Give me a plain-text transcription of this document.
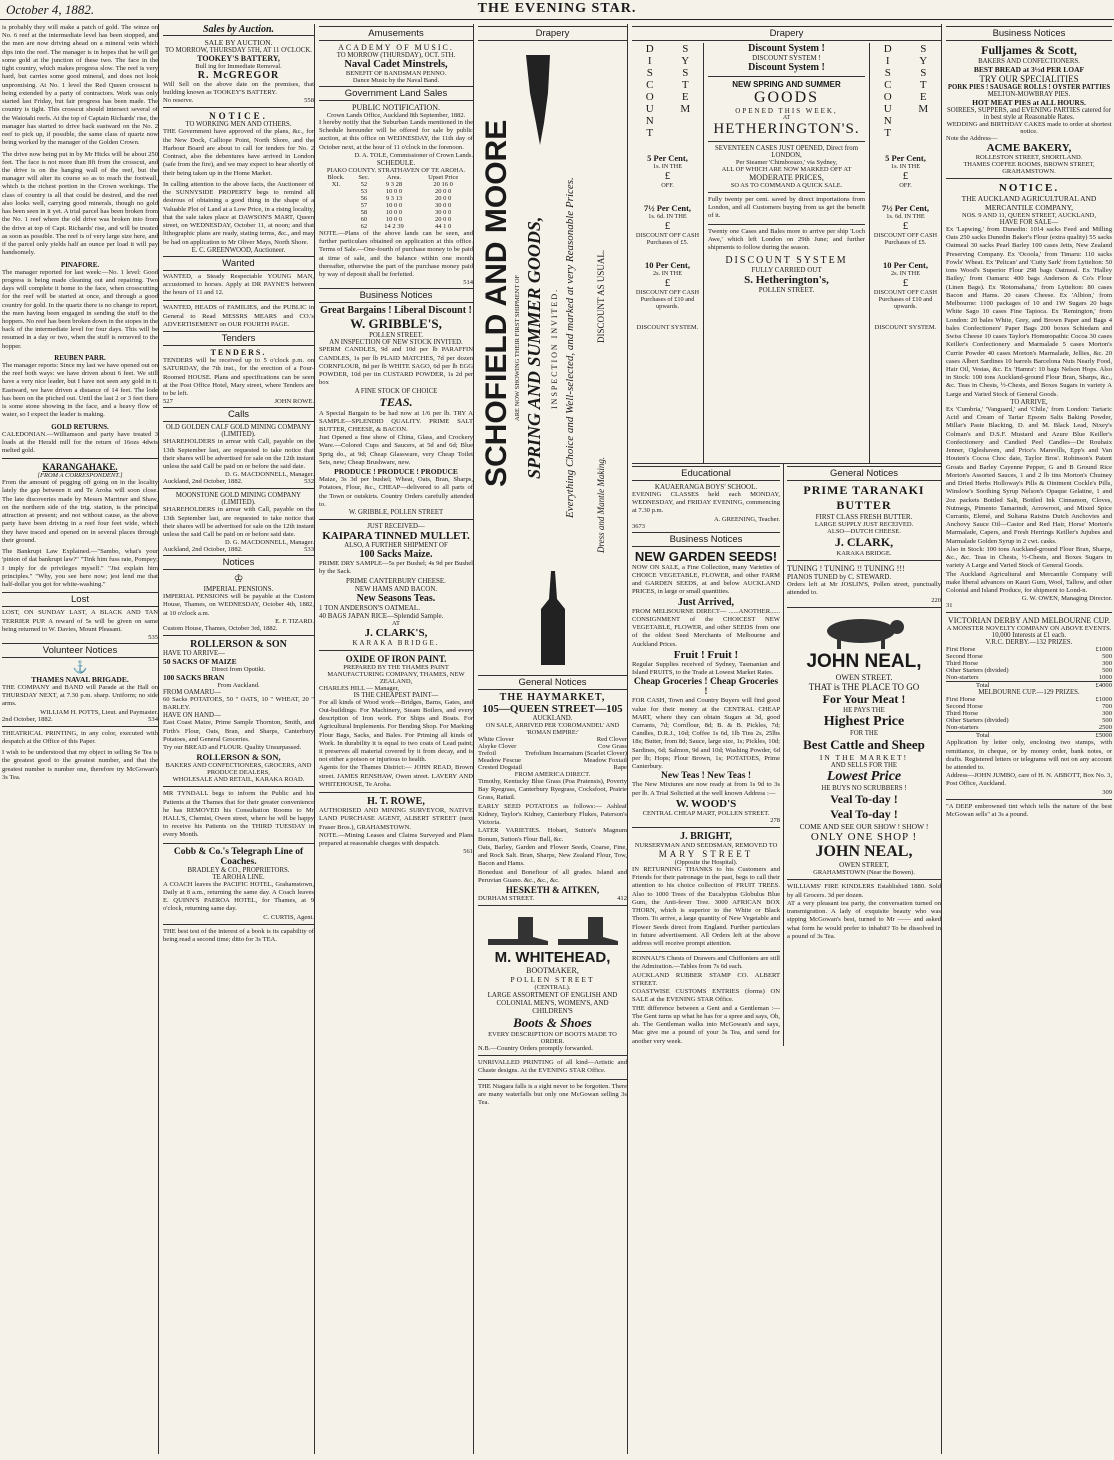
October 4, 1882.	THE EVENING STAR.

is probably they will make a patch of gold. The winze on No. 6 reef at the intermediate level has been stopped, and the men are now driving ahead on a mineral vein which dips into the reef. The manager is in hopes that he will get some gold at the junction of these two. The face in the tight country, which makes progress slow. The reef is very hard, but carries some good mineral, and does not look unpromising. At No. 1 level the Red Queen crosscut is being extended by a party of contractors. Work was only started last Friday, but fair progress has been made. The country is tight. This crosscut should intersect several of the Waiotahi reefs. At the top of Captain Richards' rise, the manager has started to drive back eastward on the No. 2 reef to pick up, if possible, the same class of quartz now being worked by the manager of the Golden Crown.

The drive now being put in by Mr Hicks will be about 250 feet. The face is not more than 8ft from the crosscut, and the drive is on the hanging wall of the reef, but the manager will alter its course so as to reach the footwall, which is the richest portion in the Crown workings. The class of country is all that could be desired, and the reef also looks well, carrying good minerals, though no gold has been seen in it yet. A trial parcel has been broken from the No. 1 reef where the old drive was broken into from the drive at top of Capt. Richards' rise, and will be treated as soon as possible. The reef is of very large size here, and if the parcel only yields half an ounce per load it will pay handsomely.

PINAFORE.

The manager reported for last week:—No. 1 level: Good progress is being made cleaning out and repairing. Two days will complete it home to the face, when crosscutting for the reef will be started at once, and through a good country for gold. In the quartz there is no change to report, the men having been engaged in sending the stuff to the hoppers. No reef has been broken down in the stopes in the back of the intermediate level for four days. This will be resumed in a day or two, when the stuff is removed to the hopper.

REUBEN PARR.

The manager reports: Since my last we have opened out on the reef both ways: we have driven about 6 feet. We still have a very nice leader, but I have not seen any gold in it. Eastward, we have driven a distance of 14 feet. The lode has been on the pitched out. Until the last 2 or 3 feet there is some stone showing in the face, and a heavy flow of water, so I expect the leader is making.

GOLD RETURNS.

CALEDONIAN.—Williamson and party have treated 3 loads at the Herald mill for the return of 16ozs 4dwts melted gold.

KARANGAHAKE.
[FROM A CORRESPONDENT.]

From the amount of pegging off going on in the locality lately the gap between it and Te Aroha will soon close. The late discoveries made by Messrs Marriner and Shaw, on the northern side of the trig. station, is the principal attraction at present; and not without cause, as the above party have been driving in a reef four feet wide, which they have traced and opened on in several places through their ground.

The Bankrupt Law Explained.—"Sambo, what's your 'pinion of dat bankrupt law?" "Tink him fuss rate, Pompey; I imply for de privileges myself." "Jist explain him principles." "Why, you see here now; jest lend me that half-dollar you got for white-washing."

Lost

LOST, ON SUNDAY LAST, A BLACK AND TAN TERRIER PUP. A reward of 5s will be given on same being returned to W. Davies, Mount Pleasant.

535
Volunteer Notices
⚓
THAMES NAVAL BRIGADE.

THE COMPANY and BAND will Parade at the Hall on THURSDAY NEXT, at 7.30 p.m. sharp. Uniform; no side arms.

WILLIAM H. POTTS, Lieut. and Paymaster.
2nd October, 1882.	534

THEATRICAL PRINTING, in any color, executed with despatch at the Office of this Paper.

I wish to be understood that my object in selling Se Tea is the greatest good to the greatest number, and that the greatest number is number one, therefore try McGowan's 3s Tea.

Sales by Auction.
SALE BY AUCTION.
TO MORROW, THURSDAY 5TH, AT 11 O'CLOCK.
TOOKEY'S BATTERY,
Bull ing for Immediate Removal.
R. McGREGOR

Will Sell on the above date on the premises, that building known as TOOKEY'S BATTERY.

No reserve.	558
NOTICE.
TO WORKING MEN AND OTHERS.

THE Government have approved of the plans, &c., for the New Dock, Calliope Point, North Shore, and the Harbour Board are about to call for tenders for No. 2 Contract, also the debentures have arrived in London (safe from the fire), and we may expect to hear shortly of their being taken up in the Home Market.

In calling attention to the above facts, the Auctioneer of the SUNNYSIDE PROPERTY begs to remind all desirous of obtaining a good thing in the shape of a Valuable Plot of Land at a Low Price, in a rising locality, that the sale takes place at DAWSON'S MART, Queen street, on WEDNESDAY, October 11, at noon; and that lithographic plans are ready, stating terms, &c., and may be had on application to Mr Oliver Mays, North Shore.

E. C. GREENWOOD, Auctioneer.
Wanted

WANTED, a Steady Respectable YOUNG MAN, accustomed to horses. Apply at DR PAYNE'S between the hours of 11 and 12.

WANTED, HEADS of FAMILIES, and the PUBLIC in General to Read MESSRS MEARS and CO.'s ADVERTISEMENT on OUR FOURTH PAGE.

Tenders
TENDERS.

TENDERS will be received up to 5 o'clock p.m. on SATURDAY, the 7th inst., for the erection of a Four-Roomed HOUSE. Plans and specifications can be seen at the Post Office Hotel, Mary street, where Tenders are to be left.

527	JOHN ROWE.
Calls
OLD GOLDEN CALF GOLD MINING COMPANY (LIMITED).

SHAREHOLDERS in arrear with Call, payable on the 13th September last, are requested to take notice that their shares will be advertised for sale on the 12th instant unless the said Call be paid on or before the said date.

D. G. MACDONNELL, Manager.
Auckland, 2nd October, 1882.	532
MOONSTONE GOLD MINING COMPANY (LIMITED).

SHAREHOLDERS in arrear with Call, payable on the 13th September last, are requested to take notice that their shares will be advertised for sale on the 12th instant unless the said Call be paid on or before said date.

D. G. MACDONNELL, Manager.
Auckland, 2nd October, 1882.	533
Notices
♔
IMPERIAL PENSIONS.

IMPERIAL PENSIONS will be payable at the Custom House, Thames, on WEDNESDAY, October 4th, 1882, at 10 o'clock a.m.

E. F. TIZARD.
Custom House, Thames, October 3rd, 1882.
ROLLERSON & SON
HAVE TO ARRIVE—
50 SACKS OF MAIZE
Direct from Opotiki.
100 SACKS BRAN
From Auckland.
FROM OAMARU—

60 Sacks POTATOES, 50 " OATS, 10 " WHEAT, 20 " BARLEY.

HAVE ON HAND—

East Coast Maize, Prime Sample Thornton, Smith, and Firth's Flour, Oats, Bran, and Sharps, Canterbury Potatoes, and General Groceries.

Try our BREAD and FLOUR. Quality Unsurpassed.

ROLLERSON & SON,
BAKERS AND CONFECTIONERS, GROCERS, AND PRODUCE DEALERS,
WHOLESALE AND RETAIL, KARAKA ROAD.

MR TYNDALL begs to inform the Public and his Patients at the Thames that for their greater convenience he has REMOVED his Consultation Rooms to Mr HALL'S, Chemist, Owen street, where he will be happy to receive his Patients on the THIRD TUESDAY in every Month.

Cobb & Co.'s Telegraph Line of Coaches.
BRADLEY & CO., PROPRIETORS.
TE AROHA LINE.

A COACH leaves the PACIFIC HOTEL, Grahamstown, Daily at 8 a.m., returning the same day. A Coach leaves E. QUINN'S PAEROA HOTEL, for Thames, at 9 o'clock, returning same day.

C. CURTIS, Agent.

THE best test of the interest of a book is its capability of being read a second time; ditto for 3s TEA.

Amusements
ACADEMY OF MUSIC.
TO MORROW (THURSDAY), OCT. 5TH.
Naval Cadet Minstrels,
BENEFIT OF BANDSMAN PENNO.
Dance Music by the Naval Band.
Government Land Sales
PUBLIC NOTIFICATION.
Crown Lands Office, Auckland 8th September, 1882.

I hereby notify that the Suburban Lands mentioned in the Schedule hereunder will be offered for sale by public auction, at this office on WEDNESDAY, the 11th day of October next, at the hour of 11 o'clock in the forenoon.

D. A. TOLE, Commissioner of Crown Lands.
SCHEDULE.
PIAKO COUNTY. STRATHAVEN OF TE AROHA.
Block.	Sec.	Area.	Upset Price
XI.	52	9 3 28	20 16 0
	53	10 0 0	20 0 0
	56	9 3 13	20 0 0
	57	10 0 0	30 0 0
	58	10 0 0	30 0 0
	60	10 0 0	20 0 0
	62	14 2 39	44 1 0

NOTE.—Plans of the above lands can be seen, and further particulars obtained on application at this office. Terms of Sale.—One-fourth of purchase money to be paid at time of sale, and the balance within one month thereafter, otherwise the part of the purchase money paid by way of deposit shall be forfeited.

514
Business Notices
Great Bargains ! Liberal Discount !
W. GRIBBLE'S,
POLLEN STREET.
AN INSPECTION OF NEW STOCK INVITED.

SPERM CANDLES, 9d and 10d per lb PARAFFIN CANDLES, 1s per lb PLAID MATCHES, 7d per dozen CORNFLOUR, 8d per lb WHITE SAGO, 6d per lb EGG POWDER, 10d per tin CUSTARD POWDER, 1s 2d per box

A FINE STOCK OF CHOICE
TEAS.

A Special Bargain to be had now at 1/6 per lb. TRY A SAMPLE—SPLENDID QUALITY. PRIME SALT BUTTER, CHEESE, & BACON.

Just Opened a fine show of China, Glass, and Crockery Ware.—Colored Cups and Saucers, at 5d and 6d; Blue Sprig do., at 9d; Cheap Glassware, very Cheap Toilet Sets, new; Cheap Brushware, new.

PRODUCE ! PRODUCE ! PRODUCE

Maize, 3s 3d per bushel; Wheat, Oats, Bran, Sharps, Potatoes, Flour, &c., CHEAP—delivered to all parts of the Town or outskirts. Country Orders carefully attended to.

W. GRIBBLE, POLLEN STREET
JUST RECEIVED—
KAIPARA TINNED MULLET.
ALSO, A FURTHER SHIPMENT OF
100 Sacks Maize.

PRIME DRY SAMPLE—5s per Bushel; 4s 9d per Bushel by the Sack.

PRIME CANTERBURY CHEESE.
NEW HAMS AND BACON.
New Seasons Teas.
1 TON ANDERSON'S OATMEAL.
40 BAGS JAPAN RICE—Splendid Sample.
AT
J. CLARK'S,
KARAKA BRIDGE.
OXIDE OF IRON PAINT.
PREPARED BY THE THAMES PAINT MANUFACTURING COMPANY, THAMES, NEW ZEALAND,
CHARLES HILL — Manager,
IS THE CHEAPEST PAINT—

For all kinds of Wood work—Bridges, Barns, Gates, and Out-buildings. For Machinery, Steam Boilers, and every description of Iron work. For Ships and Boats. For Agricultural Implements. For Bending Shop. For Marking Flour Bags, Sacks, and Bales. For Priming all kinds of Work. In durability it is equal to two coats of Lead paint; it preserves all material covered by it from decay, and is not either a poison or injurious to health.

Agents for the Thames District:— JOHN READ, Brown street. JAMES RENSHAW, Owen street. LAVERY AND WHITEHOUSE, Te Aroha.

H. T. ROWE,

AUTHORISED AND MINING SURVEYOR, NATIVE LAND PURCHASE AGENT, ALBERT STREET (next Fraser Bros.), GRAHAMSTOWN.

NOTE.—Mining Leases and Claims Surveyed and Plans prepared at reasonable charges with despatch.

561
Drapery
SCHOFIELD AND MOORE ARE NOW SHOWING THEIR FIRST SHIPMENT OF SPRING AND SUMMER GOODS, INSPECTION INVITED. Everything Choice and Well-selected, and marked at very Reasonable Prices.	DISCOUNT AS USUAL.
Dress and Mantle Making.
General Notices
THE HAYMARKET,
105—QUEEN STREET—105
AUCKLAND.
ON SALE, ARRIVED PER 'COROMANDEL' AND 'ROMAN EMPIRE:'
White Clover	Red Clover
Alsyke Clover	Cow Grass
Trefoil	Trefolium Incarnatum (Scarlet Clover)
Meadow Fescue	Meadow Foxtail
Crested Dogstail	Rape
FROM AMERICA DIRECT.

Timothy, Kentucky Blue Grass (Poa Pratensis), Poverty Bay Ryegrass, Canterbury Ryegrass, Cocksfoot, Prairie Grass, Rattail.

EARLY SEED POTATOES as follows:— Ashleaf Kidney, Taylor's Kidney, Canterbury Flukes, Paterson's Victoria.

LATER VARIETIES. Hobart, Sutton's Magnum Bonum, Sutton's Flour Ball, &c.

Oats, Barley, Garden and Flower Seeds, Coarse, Fine, and Rock Salt. Bran, Sharps, New Zealand Flour, Tow, Bacon and Hams.

Bonedust and Bonefiour of all grades. Island and Peruvian Guano. &c., &c., &c.

HESKETH & AITKEN,
DURHAM STREET.	412
M. WHITEHEAD,
BOOTMAKER,
POLLEN STREET
(CENTRAL).
LARGE ASSORTMENT OF ENGLISH AND COLONIAL MEN'S, WOMEN'S, AND CHILDREN'S
Boots & Shoes
EVERY DESCRIPTION OF BOOTS MADE TO ORDER.
N.B.—Country Orders promptly forwarded.

UNRIVALLED PRINTING of all kind—Artistic and Chaste designs. At the EVENING STAR Office.

THE Niagara falls is a sight never to be forgotten. There are many waterfalls but only one McGowan selling 3s Tea.

Drapery
DISCOUNT SYSTEM
5 Per Cent,
1s. IN THE
£
OFF.
7½ Per Cent,
1s. 6d. IN THE
£
DISCOUNT OFF CASH Purchases of £5.
10 Per Cent,
2s. IN THE
£
DISCOUNT OFF CASH Purchases of £10 and upwards.
DISCOUNT SYSTEM.
Discount System !
DISCOUNT SYSTEM !
Discount System !
NEW SPRING AND SUMMER
GOODS
OPENED THIS WEEK,
AT
HETHERINGTON'S.
SEVENTEEN CASES JUST OPENED, Direct from LONDON,
Per Steamer 'Chimborazo,' via Sydney,
ALL OF WHICH ARE NOW MARKED OFF AT
MODERATE PRICES,
SO AS TO COMMAND A QUICK SALE.

Fully twenty per cent. saved by direct importations from London, and all Customers buying from us get the benefit of it.

Twenty one Cases and Bales more to arrive per ship 'Loch Awe,' which left London on 29th June; and further shipments to follow during the season.

DISCOUNT SYSTEM
FULLY CARRIED OUT
S. Hetherington's,
POLLEN STREET.
DISCOUNT SYSTEM
5 Per Cent,
1s. IN THE
£
OFF.
7½ Per Cent,
1s. 6d. IN THE
£
DISCOUNT OFF CASH Purchases of £5.
10 Per Cent,
2s. IN THE
£
DISCOUNT OFF CASH Purchases of £10 and upwards.
DISCOUNT SYSTEM.
Educational
KAUAERANGA BOYS' SCHOOL.

EVENING CLASSES held each MONDAY, WEDNESDAY, and FRIDAY EVENING, commencing at 7.30 p.m.

A. GREENING, Teacher.
3673
Business Notices
NEW GARDEN SEEDS!

NOW ON SALE, a Fine Collection, many Varieties of CHOICE VEGETABLE, FLOWER, and other FARM and GARDEN SEEDS, at and below AUCKLAND PRICES, in large or small quantities.

Just Arrived,

FROM MELBOURNE DIRECT— ......ANOTHER...... CONSIGNMENT of the CHOICEST NEW VEGETABLE, FLOWER, and other SEEDS from one of the oldest Seed Merchants of Melbourne and Auckland Prices.

Fruit ! Fruit !

Regular Supplies received of Sydney, Tasmanian and Island FRUITS, to the Trade at Lowest Market Rates.

Cheap Groceries ! Cheap Groceries !

FOR CASH, Town and Country Buyers will find good value for their money at the CENTRAL CHEAP MART, where they can obtain Sugars at 3d, good Currants, 7d; Cornflour, 8d; B. & B. Pickles, 7d; Candles, D.R.J., 10d; Coffee 1s 6d, 1lb Tins 2s, 25lbs 18s; Butter, from 8d; Sauce, large size, 1s; Pickles, 10d; Sardines, 6d; Salmon, 9d and 10d; Washing Powder, 6d per lb; Hops; Flour Brown, 1s; POTATOES, Prime Canterbury.

New Teas ! New Teas !

The New Mixtures are now ready at from 1s 9d to 3s per lb. A Trial Solicited at the well known Address :—

W. WOOD'S
CENTRAL CHEAP MART, POLLEN STREET.
278
J. BRIGHT,
NURSERYMAN AND SEEDSMAN, REMOVED TO
MARY STREET
(Opposite the Hospital).

IN RETURNING THANKS to his Customers and Friends for their patronage in the past, begs to call their attention to his choice collection of FRUIT TREES. Also to 1000 Trees of the Eucalyptus Globulus Blue Gum, the Anti-fever Tree. 3000 AFRICAN BOX THORN, which is superior to the White or Black Thorn. To arrive, a large quantity of New Vegetable and Flower Seeds direct from England. Further particulars in future advertisement. All Orders left at the above address will receive prompt attention.

RONNAU'S Chests of Drawers and Chiffoniers are still the Admiration.—Tables from 7s 6d each.

AUCKLAND RUBBER STAMP CO. ALBERT STREET.

COASTWISE CUSTOMS ENTRIES (forms) ON SALE at the EVENING STAR Office.

THE difference between a Gent and a Gentleman :—The Gent turns up what he has for a spree and says, Oh, ah. The Gentleman walks into McGowan's and says, Mac give me a pound of your 3s Tea, and send for another very week.

General Notices
PRIME TARANAKI BUTTER
FIRST CLASS FRESH BUTTER.
LARGE SUPPLY JUST RECEIVED.
ALSO—DUTCH CHEESE.
J. CLARK,
KARAKA BRIDGE.
TUNING ! TUNING !! TUNING !!!
PIANOS TUNED by C. STEWARD.

Orders left at Mr JOSLIN'S, Pollen street, punctually attended to.

220
JOHN NEAL,
OWEN STREET.
THAT is THE PLACE TO GO
For Your Meat !
HE PAYS THE
Highest Price
FOR THE
Best Cattle and Sheep
IN THE MARKET!
AND SELLS FOR THE
Lowest Price
HE BUYS NO SCRUBBERS !
Veal To-day !
Veal To-day !
COME AND SEE OUR SHOW ! SHOW !
ONLY ONE SHOP !
JOHN NEAL,
OWEN STREET,
GRAHAMSTOWN (Near the Bowen).

WILLIAMS' FIRE KINDLERS Established 1880. Sold by all Grocers. 3d per dozen.

AT a very pleasant tea party, the conversation turned on transmigration. A lady of exquisite beauty who was sipping McGowan's best, turned to Mr —— and asked what form he would prefer to inhabit? To be dissolved in a pound of 3s Tea.

Business Notices
Fulljames & Scott,
BAKERS AND CONFECTIONERS.
BEST BREAD at 3½d PER LOAF
TRY OUR SPECIALITIES
PORK PIES ! SAUSAGE ROLLS ! OYSTER PATTIES
MELTON-MOWBRAY PIES.
HOT MEAT PIES at ALL HOURS.
SOIREES, SUPPERS, and EVENING PARTIES catered for in best style at Reasonable Rates.
WEDDING and BIRTHDAY CAKES made to order at shortest notice.
Note the Address—
ACME BAKERY,
ROLLESTON STREET, SHORTLAND.
THAMES COFFEE ROOMS, BROWN STREET, GRAHAMSTOWN.
NOTICE.
THE AUCKLAND AGRICULTURAL AND MERCANTILE COMPANY,
NOS. 9 AND 11, QUEEN STREET, AUCKLAND,
HAVE FOR SALE—

Ex 'Lapwing,' from Dunedin: 1014 sacks Feed and Milling Oats 250 sacks Dunedin Baker's Flour (extra quality) 55 sacks Oatmeal 30 sacks Pearl Barley 100 cases Jetts, New Zealand Preserving Company. Ex 'Ocoola,' from Timaru: 110 sacks Fowls' Wheat. Ex 'Pelican' and 'Cutty Sark' from Lyttelton: 50 tons Wood's Superior Flour 298 bags Oatmeal. Ex 'Halley Bailey,' from Oamaru: 400 bags Anderson & Co's Flour (Linen Bags). Ex 'Rotomahana,' from Lyttelton: 80 cases Bacon and Hams. 20 cases Cheese. Ex 'Albion,' from Melbourne: 1100 packages of 10 and 1W Sugars 20 bags White Sago 10 cases Fine Tapioca. Ex 'Remington,' from London: 20 bales White, Grey, and Brown Paper and Bags 4 bales Confectioners' Paper Bags 200 boxes Schiedam and Swiss Cheese 10 cases Taylor's Homœopathic Cocoa 30 cases Keiller's Confectionery and Marmalade 5 cases Morton's Currie Powder 40 cases Morton's Marmalade, Jellies, &c. 20 cases Albert Sardines 10 barrels Barcelona Nuts Nearly Food, Hair Oil, Vestas, &c. Ex 'Hamra': 10 bags Nelson Hops. Also in Stock: 100 tons Auckland-ground Flour Bran, Sharps, &c., &c. Teas in Chests, ½-Chests, and Boxes Sugars in variety A Large and Varied Stock of General Goods.

TO ARRIVE,

Ex 'Cumbria,' 'Vanguard,' and 'Chile,' from London: Tartaric Acid and Cream of Tartar Epsom Salts Baking Powder, Millar's Paste Blacking, D. and M. Black Lead, Nixey's Colman's and D.S.F. Mustard and Azure Blue Keiller's Confectionery and Candied Peel Candles—De Roubaix Jenner, Ogleshaven, and Price's Marsvills, Epp's and Van Houten's Cocoa Choc date, Taylor Bros'. Robinson's Patent Groats and Barley Cayenne Pepper, G and B Ground Rice Morton's Assorted Sauces, 1 and 2 lb tins Morton's Chutney and Dried Herbs Holloway's Pills & Ointment Cockle's Pills, Winslow's Soothing Syrup Nelson's Opaque Gelatine, 1 and 2oz packets Bottled Salt, Bottled Ink Cinnamon, Cloves, Nutmegs, Pimento Tamarindi, Arrowroot, and Mixed Spice Currants, Elemé, and Sultana Raisins Dutch Anchovies and Anchovy Sauce Oil—Castor and Red Hair, Horse' Morton's Marmalade, Capers, and Fresh Herrings Keiller's Jujubes and Marmalade Golden Syrup in 2 cwt. casks.

Also in Stock: 100 tons Auckland-ground Flour Bran, Sharps, &c., &c. Teas in Chests, ½-Chests, and Boxes Sugars in variety A Large and Varied Stock of General Goods.

The Auckland Agricultural and Mercantile Company will make liberal advances on Kauri Gum, Wool, Tallow, and other Colonial and Island Produce, for shipment to Lond-n.

G. W. OWEN, Managing Director.
31
VICTORIAN DERBY AND MELBOURNE CUP.
A MONSTER NOVELTY COMPANY ON ABOVE EVENTS.
10,000 Interests at £1 each.
V.R.C. DERBY.—132 PRIZES.
First Horse	£1000
Second Horse	500
Third Horse	300
Other Starters (divided)	500
Non-starters	1000
Total	£4000
MELBOURNE CUP.—129 PRIZES.
First Horse	£1000
Second Horse	700
Third Horse	300
Other Starters (divided)	500
Non-starters	2500
Total	£5000

Application by letter only, enclosing two stamps, with remittance, in cheque, or by money order, bank notes, or drafts. Registered letters or telegrams will not on any account be attended to.

Address—JOHN JUMBO, care of H. N. ABBOTT, Box No. 3, Post Office, Auckland.

309

"A DEEP embrowned tint which tells the nature of the best McGowan sells" at 3s a pound.
